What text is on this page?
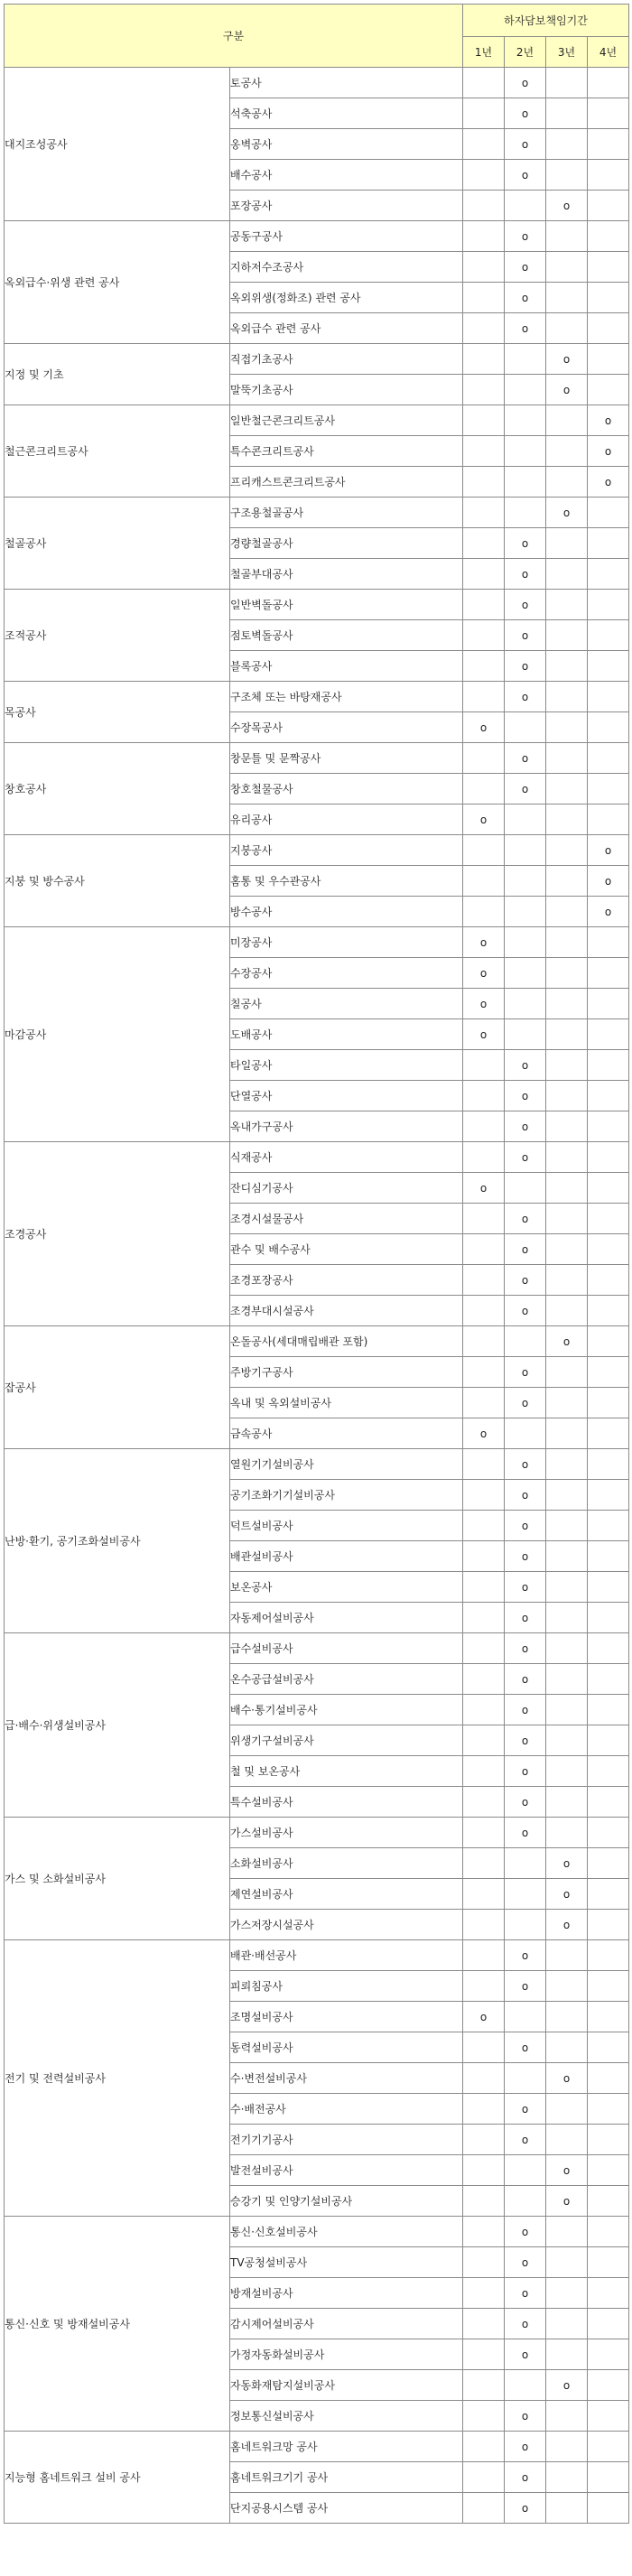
구분		하자담보책임기간			
		1년	2년	3년	4년
대지조성공사	토공사		o		
	석축공사		o		
	옹벽공사		o		
	배수공사		o		
	포장공사			o	
옥외급수·위생 관련 공사	공동구공사		o		
	지하저수조공사		o		
	옥외위생(정화조) 관련 공사		o		
	옥외급수 관련 공사		o		
지정 및 기초	직접기초공사			o	
	말뚝기초공사			o	
철근콘크리트공사	일반철근콘크리트공사				o
	특수콘크리트공사				o
	프리캐스트콘크리트공사				o
철골공사	구조용철골공사			o	
	경량철골공사		o		
	철골부대공사		o		
조적공사	일반벽돌공사		o		
	점토벽돌공사		o		
	블록공사		o		
목공사	구조체 또는 바탕재공사		o		
	수장목공사	o			
창호공사	창문틀 및 문짝공사		o		
	창호철물공사		o		
	유리공사	o			
지붕 및 방수공사	지붕공사				o
	홈통 및 우수관공사				o
	방수공사				o
마감공사	미장공사	o			
	수장공사	o			
	칠공사	o			
	도배공사	o			
	타일공사		o		
	단열공사		o		
	옥내가구공사		o		
조경공사	식재공사		o		
	잔디심기공사	o			
	조경시설물공사		o		
	관수 및 배수공사		o		
	조경포장공사		o		
	조경부대시설공사		o		
잡공사	온돌공사(세대매립배관 포함)			o	
	주방기구공사		o		
	옥내 및 옥외설비공사		o		
	금속공사	o			
난방·환기, 공기조화설비공사	열원기기설비공사		o		
	공기조화기기설비공사		o		
	덕트설비공사		o		
	배관설비공사		o		
	보온공사		o		
	자동제어설비공사		o		
급·배수·위생설비공사	급수설비공사		o		
	온수공급설비공사		o		
	배수·통기설비공사		o		
	위생기구설비공사		o		
	철 및 보온공사		o		
	특수설비공사		o		
가스 및 소화설비공사	가스설비공사		o		
	소화설비공사			o	
	제연설비공사			o	
	가스저장시설공사			o	
전기 및 전력설비공사	배관·배선공사		o		
	피뢰침공사		o		
	조명설비공사	o			
	동력설비공사		o		
	수·변전설비공사			o	
	수·배전공사		o		
	전기기기공사		o		
	발전설비공사			o	
	승강기 및 인양기설비공사			o	
통신·신호 및 방재설비공사	통신·신호설비공사		o		
	TV공청설비공사		o		
	방재설비공사		o		
	감시제어설비공사		o		
	가정자동화설비공사		o		
	자동화재탐지설비공사			o	
	정보통신설비공사		o		
지능형 홈네트워크 설비 공사	홈네트워크망 공사		o		
	홈네트워크기기 공사		o		
	단지공용시스템 공사		o		
